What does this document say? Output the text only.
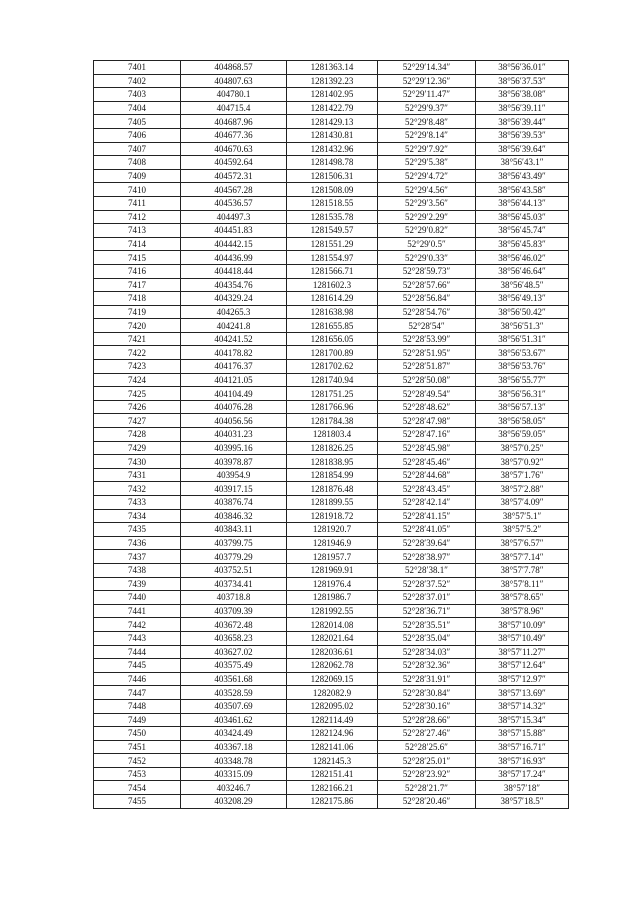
7401	404868.57	1281363.14	52°29′14.34″	38°56′36.01″
7402	404807.63	1281392.23	52°29′12.36″	38°56′37.53″
7403	404780.1	1281402.95	52°29′11.47″	38°56′38.08″
7404	404715.4	1281422.79	52°29′9.37″	38°56′39.11″
7405	404687.96	1281429.13	52°29′8.48″	38°56′39.44″
7406	404677.36	1281430.81	52°29′8.14″	38°56′39.53″
7407	404670.63	1281432.96	52°29′7.92″	38°56′39.64″
7408	404592.64	1281498.78	52°29′5.38″	38°56′43.1″
7409	404572.31	1281506.31	52°29′4.72″	38°56′43.49″
7410	404567.28	1281508.09	52°29′4.56″	38°56′43.58″
7411	404536.57	1281518.55	52°29′3.56″	38°56′44.13″
7412	404497.3	1281535.78	52°29′2.29″	38°56′45.03″
7413	404451.83	1281549.57	52°29′0.82″	38°56′45.74″
7414	404442.15	1281551.29	52°29′0.5″	38°56′45.83″
7415	404436.99	1281554.97	52°29′0.33″	38°56′46.02″
7416	404418.44	1281566.71	52°28′59.73″	38°56′46.64″
7417	404354.76	1281602.3	52°28′57.66″	38°56′48.5″
7418	404329.24	1281614.29	52°28′56.84″	38°56′49.13″
7419	404265.3	1281638.98	52°28′54.76″	38°56′50.42″
7420	404241.8	1281655.85	52°28′54″	38°56′51.3″
7421	404241.52	1281656.05	52°28′53.99″	38°56′51.31″
7422	404178.82	1281700.89	52°28′51.95″	38°56′53.67″
7423	404176.37	1281702.62	52°28′51.87″	38°56′53.76″
7424	404121.05	1281740.94	52°28′50.08″	38°56′55.77″
7425	404104.49	1281751.25	52°28′49.54″	38°56′56.31″
7426	404076.28	1281766.96	52°28′48.62″	38°56′57.13″
7427	404056.56	1281784.38	52°28′47.98″	38°56′58.05″
7428	404031.23	1281803.4	52°28′47.16″	38°56′59.05″
7429	403995.16	1281826.25	52°28′45.98″	38°57′0.25″
7430	403978.87	1281838.95	52°28′45.46″	38°57′0.92″
7431	403954.9	1281854.99	52°28′44.68″	38°57′1.76″
7432	403917.15	1281876.48	52°28′43.45″	38°57′2.88″
7433	403876.74	1281899.55	52°28′42.14″	38°57′4.09″
7434	403846.32	1281918.72	52°28′41.15″	38°57′5.1″
7435	403843.11	1281920.7	52°28′41.05″	38°57′5.2″
7436	403799.75	1281946.9	52°28′39.64″	38°57′6.57″
7437	403779.29	1281957.7	52°28′38.97″	38°57′7.14″
7438	403752.51	1281969.91	52°28′38.1″	38°57′7.78″
7439	403734.41	1281976.4	52°28′37.52″	38°57′8.11″
7440	403718.8	1281986.7	52°28′37.01″	38°57′8.65″
7441	403709.39	1281992.55	52°28′36.71″	38°57′8.96″
7442	403672.48	1282014.08	52°28′35.51″	38°57′10.09″
7443	403658.23	1282021.64	52°28′35.04″	38°57′10.49″
7444	403627.02	1282036.61	52°28′34.03″	38°57′11.27″
7445	403575.49	1282062.78	52°28′32.36″	38°57′12.64″
7446	403561.68	1282069.15	52°28′31.91″	38°57′12.97″
7447	403528.59	1282082.9	52°28′30.84″	38°57′13.69″
7448	403507.69	1282095.02	52°28′30.16″	38°57′14.32″
7449	403461.62	1282114.49	52°28′28.66″	38°57′15.34″
7450	403424.49	1282124.96	52°28′27.46″	38°57′15.88″
7451	403367.18	1282141.06	52°28′25.6″	38°57′16.71″
7452	403348.78	1282145.3	52°28′25.01″	38°57′16.93″
7453	403315.09	1282151.41	52°28′23.92″	38°57′17.24″
7454	403246.7	1282166.21	52°28′21.7″	38°57′18″
7455	403208.29	1282175.86	52°28′20.46″	38°57′18.5″
